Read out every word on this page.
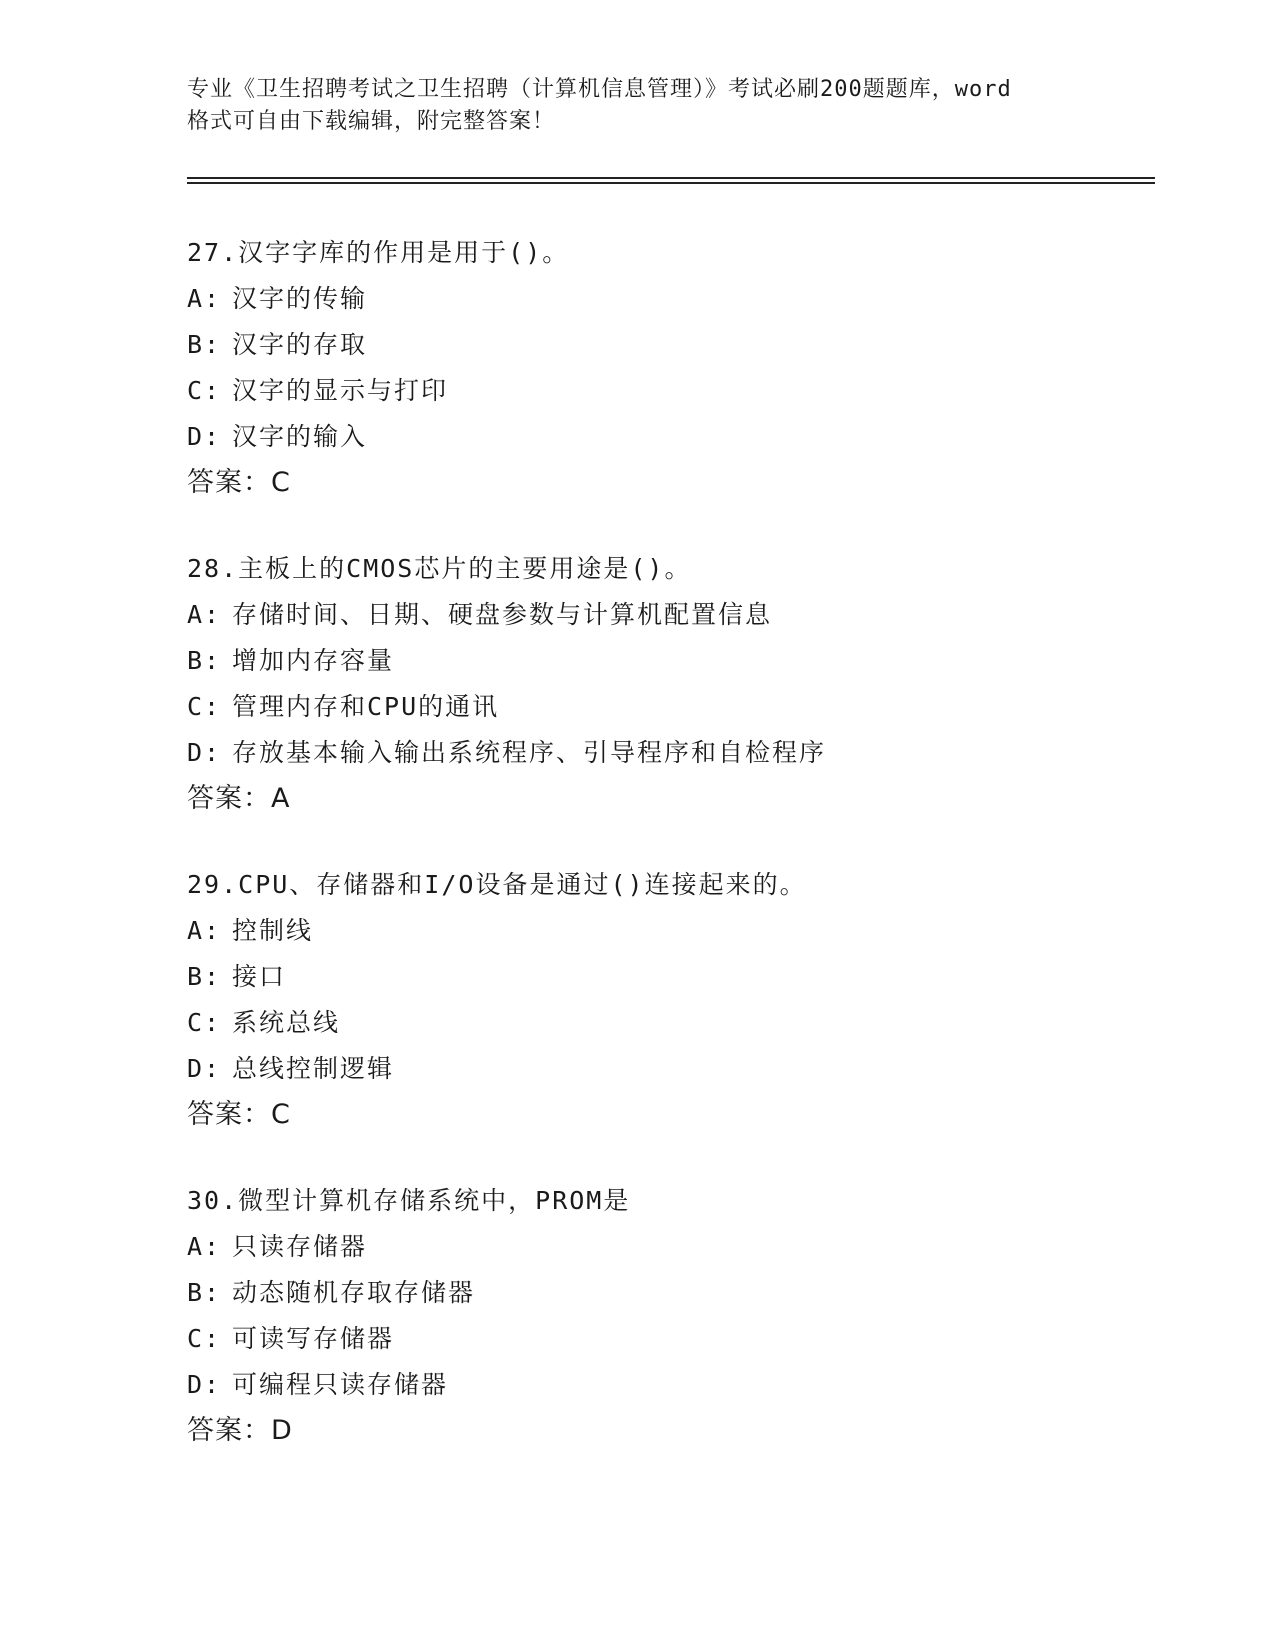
专业《卫生招聘考试之卫生招聘（计算机信息管理）》考试必刷200题题库，word
格式可自由下载编辑，附完整答案！
27.汉字字库的作用是用于()。
A: 汉字的传输
B: 汉字的存取
C: 汉字的显示与打印
D: 汉字的输入
答案：C
28.主板上的CMOS芯片的主要用途是()。
A: 存储时间、日期、硬盘参数与计算机配置信息
B: 增加内存容量
C: 管理内存和CPU的通讯
D: 存放基本输入输出系统程序、引导程序和自检程序
答案：A
29.CPU、存储器和I/O设备是通过()连接起来的。
A: 控制线
B: 接口
C: 系统总线
D: 总线控制逻辑
答案：C
30.微型计算机存储系统中，PROM是
A: 只读存储器
B: 动态随机存取存储器
C: 可读写存储器
D: 可编程只读存储器
答案：D
